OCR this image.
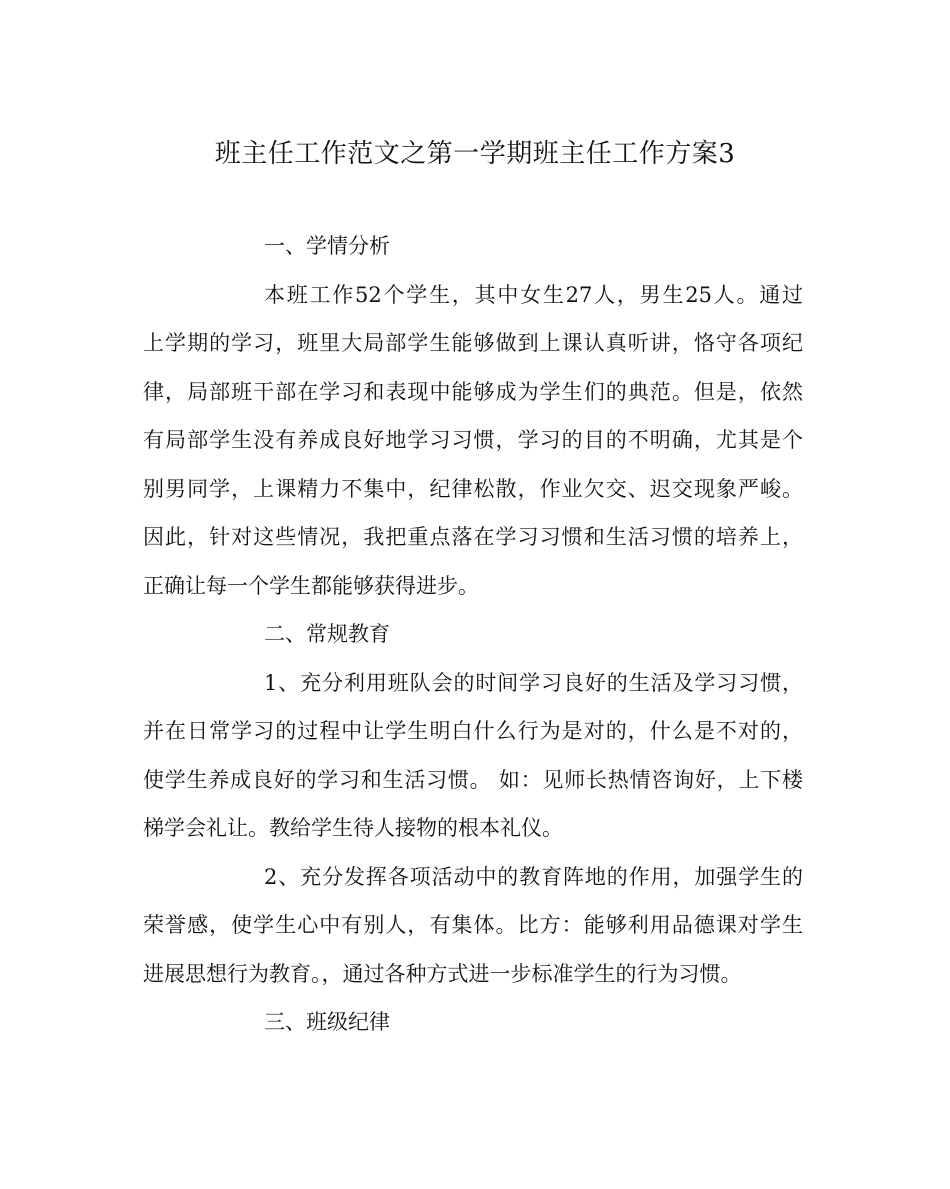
班主任工作范文之第一学期班主任工作方案3
一、学情分析
本班工作52个学生，其中女生27人，男生25人。通过
上学期的学习，班里大局部学生能够做到上课认真听讲，恪守各项纪
律，局部班干部在学习和表现中能够成为学生们的典范。但是，依然
有局部学生没有养成良好地学习习惯，学习的目的不明确，尤其是个
别男同学，上课精力不集中，纪律松散，作业欠交、迟交现象严峻。
因此，针对这些情况，我把重点落在学习习惯和生活习惯的培养上，
正确让每一个学生都能够获得进步。
二、常规教育
1、充分利用班队会的时间学习良好的生活及学习习惯，
并在日常学习的过程中让学生明白什么行为是对的，什么是不对的，
使学生养成良好的学习和生活习惯。 如：见师长热情咨询好，上下楼
梯学会礼让。教给学生待人接物的根本礼仪。
2、充分发挥各项活动中的教育阵地的作用，加强学生的
荣誉感，使学生心中有别人，有集体。比方：能够利用品德课对学生
进展思想行为教育。，通过各种方式进一步标准学生的行为习惯。
三、班级纪律
